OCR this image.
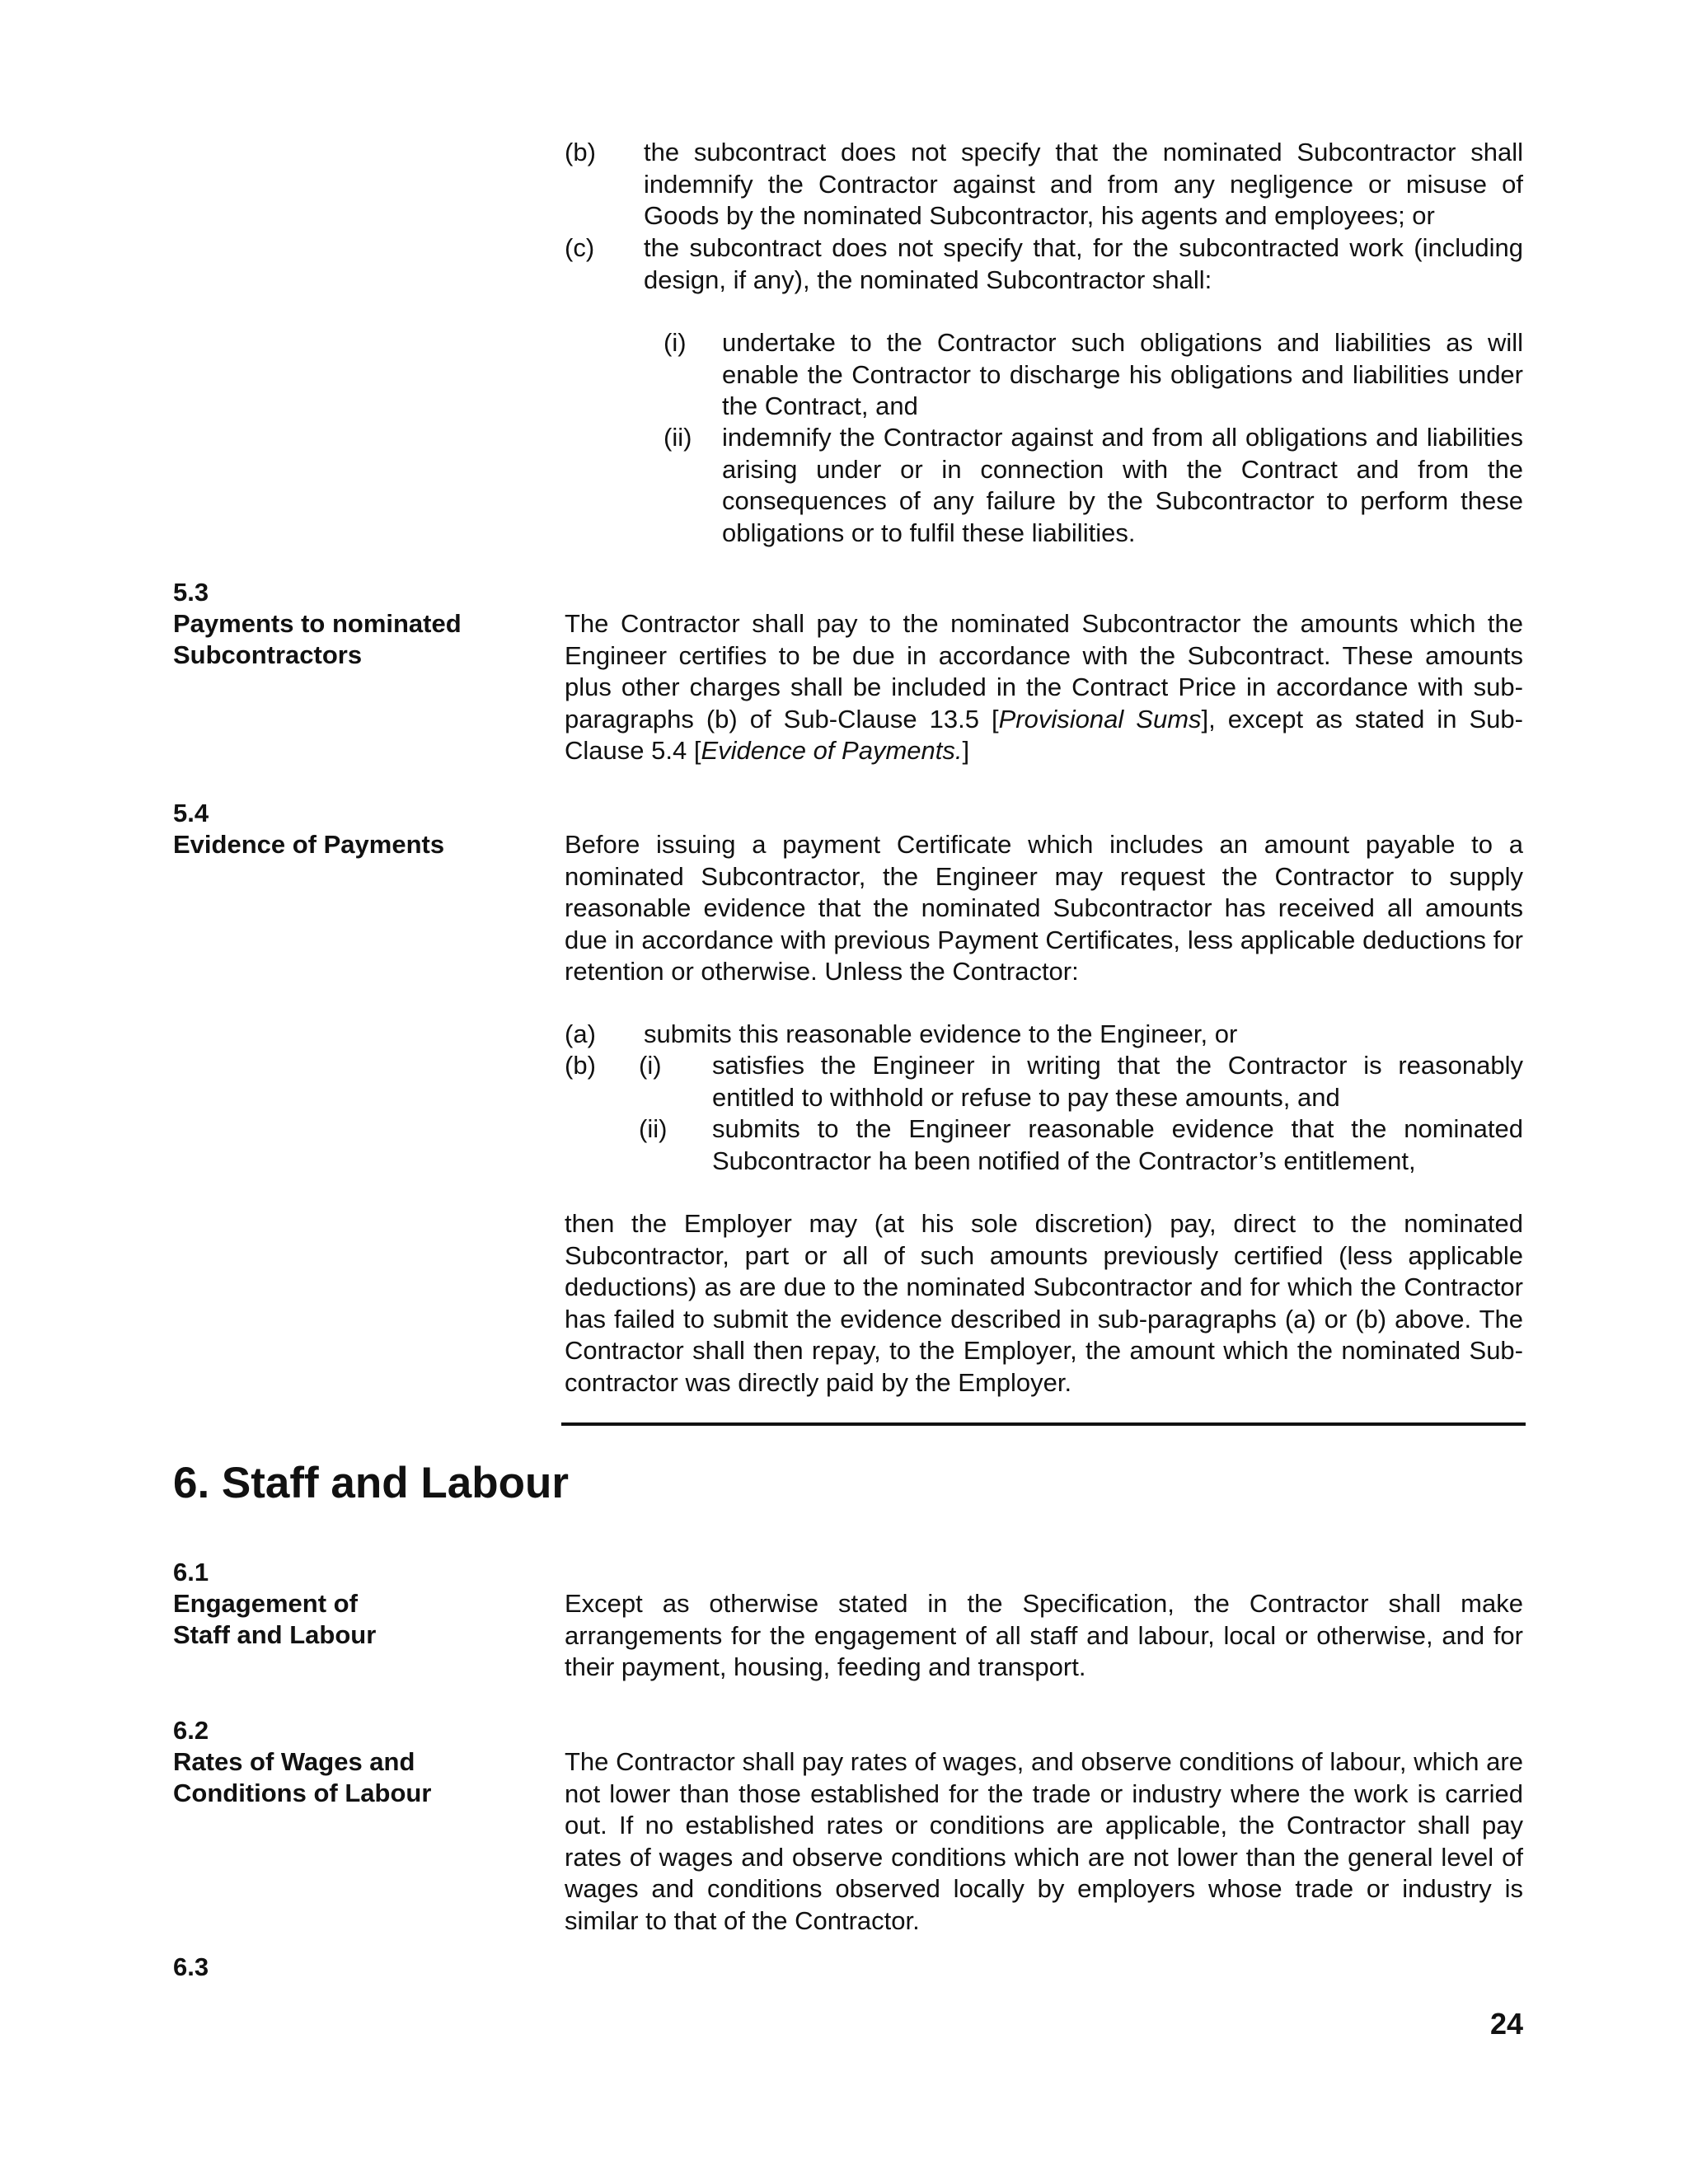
(b) the subcontract does not specify that the nominated Subcontractor shall indemnify the Contractor against and from any negligence or misuse of Goods by the nominated Subcontractor, his agents and employees; or
(c) the subcontract does not specify that, for the subcontracted work (including design, if any), the nominated Subcontractor shall:
(i) undertake to the Contractor such obligations and liabilities as will enable the Contractor to discharge his obligations and liabilities under the Contract, and
(ii) indemnify the Contractor against and from all obligations and liabilities arising under or in connection with the Contract and from the consequences of any failure by the Subcontractor to perform these obligations or to fulfil these liabilities.
5.3
Payments to nominated
Subcontractors
The Contractor shall pay to the nominated Subcontractor the amounts which the Engineer certifies to be due in accordance with the Subcontract. These amounts plus other charges shall be included in the Contract Price in accordance with sub-paragraphs (b) of Sub-Clause 13.5 [Provisional Sums], except as stated in Sub-Clause 5.4 [Evidence of Payments.]
5.4
Evidence of Payments	Before issuing a payment Certificate which includes an amount payable to a nominated Subcontractor, the Engineer may request the Contractor to supply reasonable evidence that the nominated Subcontractor has received all amounts due in accordance with previous Payment Certificates, less applicable deductions for retention or otherwise. Unless the Contractor:
(a) submits this reasonable evidence to the Engineer, or
(b) (i) satisfies the Engineer in writing that the Contractor is reasonably entitled to withhold or refuse to pay these amounts, and
(ii) submits to the Engineer reasonable evidence that the nominated Subcontractor ha been notified of the Contractor’s entitlement,
then the Employer may (at his sole discretion) pay, direct to the nominated Subcontractor, part or all of such amounts previously certified (less applicable deductions) as are due to the nominated Subcontractor and for which the Contractor has failed to submit the evidence described in sub-paragraphs (a) or (b) above. The Contractor shall then repay, to the Employer, the amount which the nominated Sub-contractor was directly paid by the Employer.
6. Staff and Labour
6.1
Engagement of
Staff and Labour
Except as otherwise stated in the Specification, the Contractor shall make arrangements for the engagement of all staff and labour, local or otherwise, and for their payment, housing, feeding and transport.
6.2
Rates of Wages and
Conditions of Labour
The Contractor shall pay rates of wages, and observe conditions of labour, which are not lower than those established for the trade or industry where the work is carried out. If no established rates or conditions are applicable, the Contractor shall pay rates of wages and observe conditions which are not lower than the general level of wages and conditions observed locally by employers whose trade or industry is similar to that of the Contractor.
6.3
24
